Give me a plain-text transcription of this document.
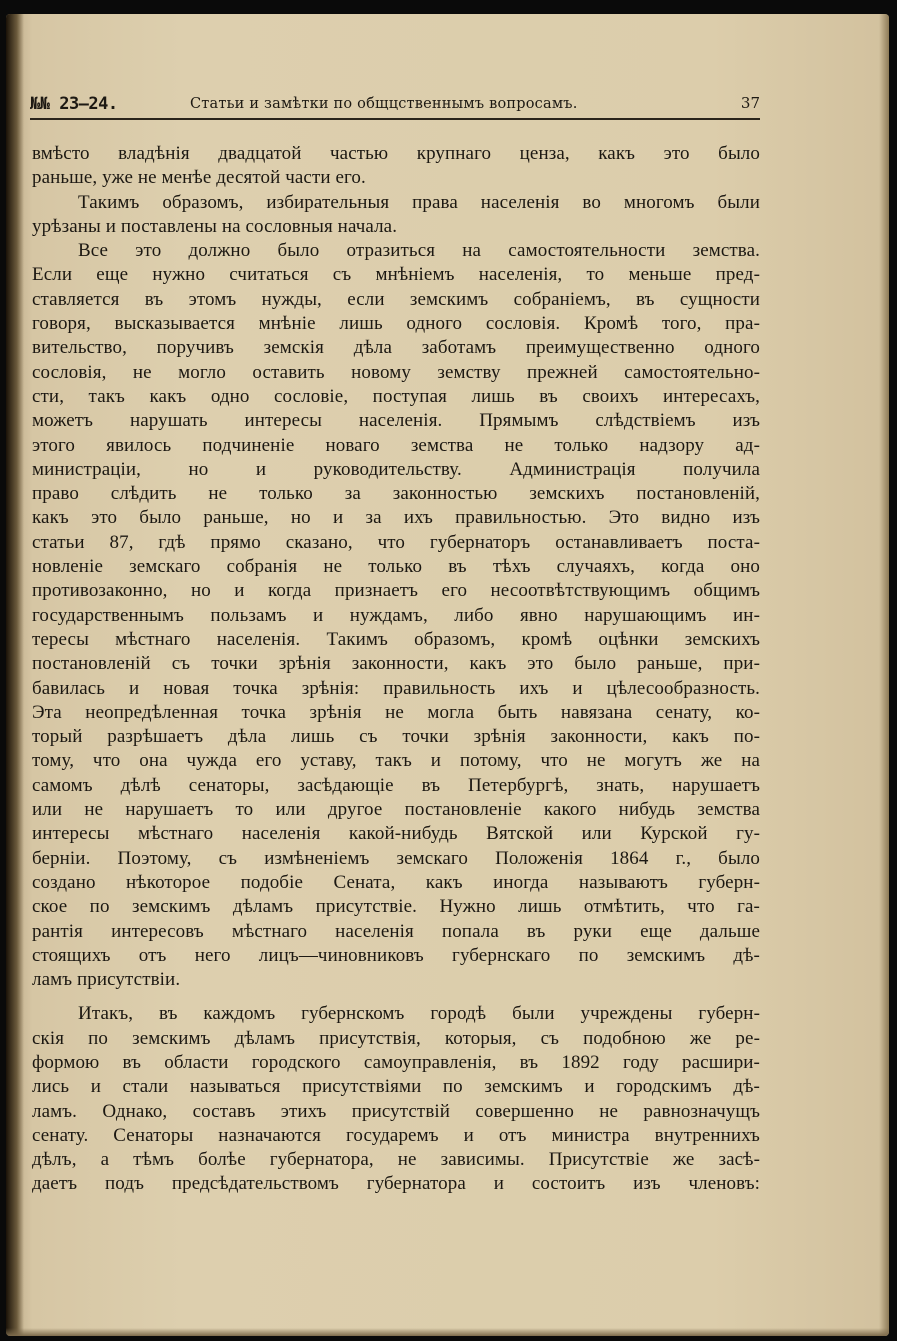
№№ 23—24.	Статьи и замѣтки по общцственнымъ вопросамъ.	37
вмѣсто владѣнія двадцатой частью крупнаго ценза, какъ это было
раньше, уже не менѣе десятой части его.
Такимъ образомъ, избирательныя права населенія во многомъ были
урѣзаны и поставлены на сословныя начала.
Все это должно было отразиться на самостоятельности земства.
Если еще нужно считаться съ мнѣніемъ населенія, то меньше пред-
ставляется въ этомъ нужды, если земскимъ собраніемъ, въ сущности
говоря, высказывается мнѣніе лишь одного сословія. Кромѣ того, пра-
вительство, поручивъ земскія дѣла заботамъ преимущественно одного
сословія, не могло оставить новому земству прежней самостоятельно-
сти, такъ какъ одно сословіе, поступая лишь въ своихъ интересахъ,
можетъ нарушать интересы населенія. Прямымъ слѣдствіемъ изъ
этого явилось подчиненіе новаго земства не только надзору ад-
министраціи, но и руководительству. Администрація получила
право слѣдить не только за законностью земскихъ постановленій,
какъ это было раньше, но и за ихъ правильностью. Это видно изъ
статьи 87, гдѣ прямо сказано, что губернаторъ останавливаетъ поста-
новленіе земскаго собранія не только въ тѣхъ случаяхъ, когда оно
противозаконно, но и когда признаетъ его несоотвѣтствующимъ общимъ
государственнымъ пользамъ и нуждамъ, либо явно нарушающимъ ин-
тересы мѣстнаго населенія. Такимъ образомъ, кромѣ оцѣнки земскихъ
постановленій съ точки зрѣнія законности, какъ это было раньше, при-
бавилась и новая точка зрѣнія: правильность ихъ и цѣлесообразность.
Эта неопредѣленная точка зрѣнія не могла быть навязана сенату, ко-
торый разрѣшаетъ дѣла лишь съ точки зрѣнія законности, какъ по-
тому, что она чужда его уставу, такъ и потому, что не могутъ же на
самомъ дѣлѣ сенаторы, засѣдающіе въ Петербургѣ, знать, нарушаетъ
или не нарушаетъ то или другое постановленіе какого нибудь земства
интересы мѣстнаго населенія какой-нибудь Вятской или Курской гу-
берніи. Поэтому, съ измѣненіемъ земскаго Положенія 1864 г., было
создано нѣкоторое подобіе Сената, какъ иногда называютъ губерн-
ское по земскимъ дѣламъ присутствіе. Нужно лишь отмѣтить, что га-
рантія интересовъ мѣстнаго населенія попала въ руки еще дальше
стоящихъ отъ него лицъ—чиновниковъ губернскаго по земскимъ дѣ-
ламъ присутствіи.
Итакъ, въ каждомъ губернскомъ городѣ были учреждены губерн-
скія по земскимъ дѣламъ присутствія, которыя, съ подобною же ре-
формою въ области городского самоуправленія, въ 1892 году расшири-
лись и стали называться присутствіями по земскимъ и городскимъ дѣ-
ламъ. Однако, составъ этихъ присутствій совершенно не равнозначущъ
сенату. Сенаторы назначаются государемъ и отъ министра внутреннихъ
дѣлъ, а тѣмъ болѣе губернатора, не зависимы. Присутствіе же засѣ-
даетъ подъ предсѣдательствомъ губернатора и состоитъ изъ членовъ:
